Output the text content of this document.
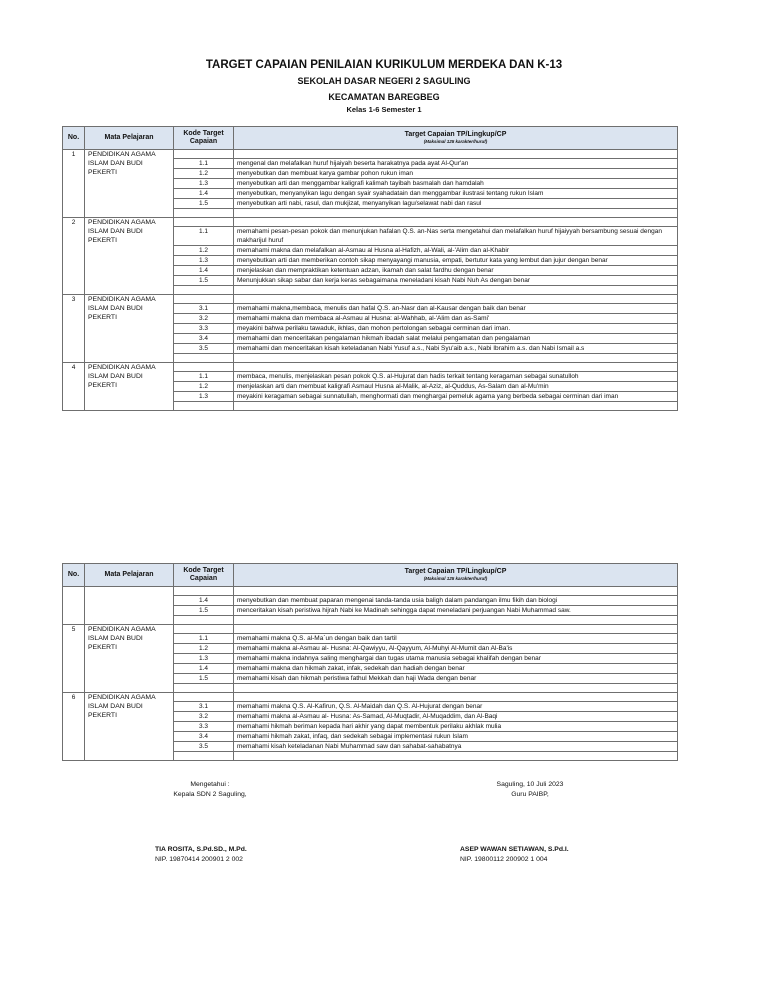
TARGET CAPAIAN PENILAIAN KURIKULUM MERDEKA DAN K-13
SEKOLAH DASAR NEGERI 2 SAGULING
KECAMATAN BAREGBEG
Kelas 1-6 Semester 1
No.	Mata Pelajaran	Kode Target Capaian	Target Capaian TP/Lingkup/CP
(Maksimal 125 karakter/huruf)

1	PENDIDIKAN AGAMA ISLAM DAN BUDI PEKERTI		
		1.1	mengenal dan melafalkan huruf hijaiyah beserta harakatnya pada ayat Al-Qur'an
		1.2	menyebutkan dan membuat karya gambar pohon rukun iman
		1.3	menyebutkan arti dan menggambar kaligrafi kalimah tayibah basmalah dan hamdalah
		1.4	menyebutkan, menyanyikan lagu dengan syair syahadatain dan menggambar ilustrasi tentang rukun Islam
		1.5	menyebutkan arti nabi, rasul, dan mukjizat, menyanyikan lagu/selawat nabi dan rasul

2	PENDIDIKAN AGAMA ISLAM DAN BUDI PEKERTI		
		1.1	memahami pesan-pesan pokok dan menunjukan hafalan Q.S. an-Nas serta mengetahui dan melafalkan huruf hijaiyyah bersambung sesuai dengan makharijul huruf
		1.2	memahami makna dan melafalkan al-Asmau al Husna al-Hafizh, al-Wali, al-'Alim dan al-Khabir
		1.3	menyebutkan arti dan memberikan contoh sikap menyayangi manusia, empati, bertutur kata yang lembut dan jujur dengan benar
		1.4	menjelaskan dan mempraktikan ketentuan adzan, ikamah dan salat fardhu dengan benar
		1.5	Menunjukkan sikap sabar dan kerja keras sebagaimana meneladani kisah Nabi Nuh As dengan benar

3	PENDIDIKAN AGAMA ISLAM DAN BUDI PEKERTI		
		3.1	memahami makna,membaca, menulis dan hafal Q.S. an-Nasr dan al-Kausar dengan baik dan benar
		3.2	memahami makna dan membaca al-Asmau al Husna: al-Wahhab, al-'Alim dan as-Sami'
		3.3	meyakini bahwa perilaku tawaduk, ikhlas, dan mohon pertolongan sebagai cerminan dari iman.
		3.4	memahami dan menceritakan pengalaman hikmah ibadah salat melalui pengamatan dan pengalaman
		3.5	memahami dan menceritakan kisah keteladanan Nabi Yusuf a.s., Nabi Syu'aib a.s., Nabi Ibrahim a.s. dan Nabi Ismail a.s

4	PENDIDIKAN AGAMA ISLAM DAN BUDI PEKERTI		
		1.1	membaca, menulis, menjelaskan pesan pokok Q.S. al-Hujurat dan hadis terkait tentang keragaman sebagai sunatulloh
		1.2	menjelaskan arti dan membuat kaligrafi Asmaul Husna al-Malik, al-Aziz, al-Quddus, As-Salam dan al-Mu'min
		1.3	meyakini keragaman sebagai sunnatullah, menghormati dan menghargai pemeluk agama yang berbeda sebagai cerminan dari iman

No.	Mata Pelajaran	Kode Target Capaian	Target Capaian TP/Lingkup/CP
(Maksimal 125 karakter/huruf)

		1.4	menyebutkan dan membuat paparan mengenai tanda-tanda usia baligh dalam pandangan ilmu fikih dan biologi
		1.5	menceritakan kisah peristiwa hijrah Nabi ke Madinah sehingga dapat meneladani perjuangan Nabi Muhammad saw.

5	PENDIDIKAN AGAMA ISLAM DAN BUDI PEKERTI		
		1.1	memahami makna Q.S. al-Ma`un dengan baik dan tartil
		1.2	memahami makna al-Asmau al- Husna: Al-Qawiyyu, Al-Qayyum, Al-Muhyi Al-Mumit dan Al-Ba'is
		1.3	memahami makna indahnya saling menghargai dan tugas utama manusia sebagai khalifah dengan benar
		1.4	memahami makna dan hikmah zakat, infak, sedekah dan hadiah dengan benar
		1.5	memahami kisah dan hikmah peristiwa fathul Mekkah dan haji Wada dengan benar

6	PENDIDIKAN AGAMA ISLAM DAN BUDI PEKERTI		
		3.1	memahami makna Q.S. Al-Kafirun, Q.S. Al-Maidah dan Q.S. Al-Hujurat dengan benar
		3.2	memahami makna al-Asmau al- Husna: As-Samad, Al-Muqtadir, Al-Muqaddim, dan Al-Baqi
		3.3	memahami hikmah beriman kepada hari akhir yang dapat membentuk perilaku akhlak mulia
		3.4	memahami hikmah zakat, infaq, dan sedekah sebagai implementasi rukun Islam
		3.5	memahami kisah keteladanan Nabi Muhammad saw dan sahabat-sahabatnya

Mengetahui :
Kepala SDN 2 Saguling,
Saguling, 10 Juli 2023
Guru PAIBP,
TIA ROSITA, S.Pd.SD., M.Pd.
NIP. 19870414 200901 2 002
ASEP WAWAN SETIAWAN, S.Pd.I.
NIP. 19800112 200902 1 004
